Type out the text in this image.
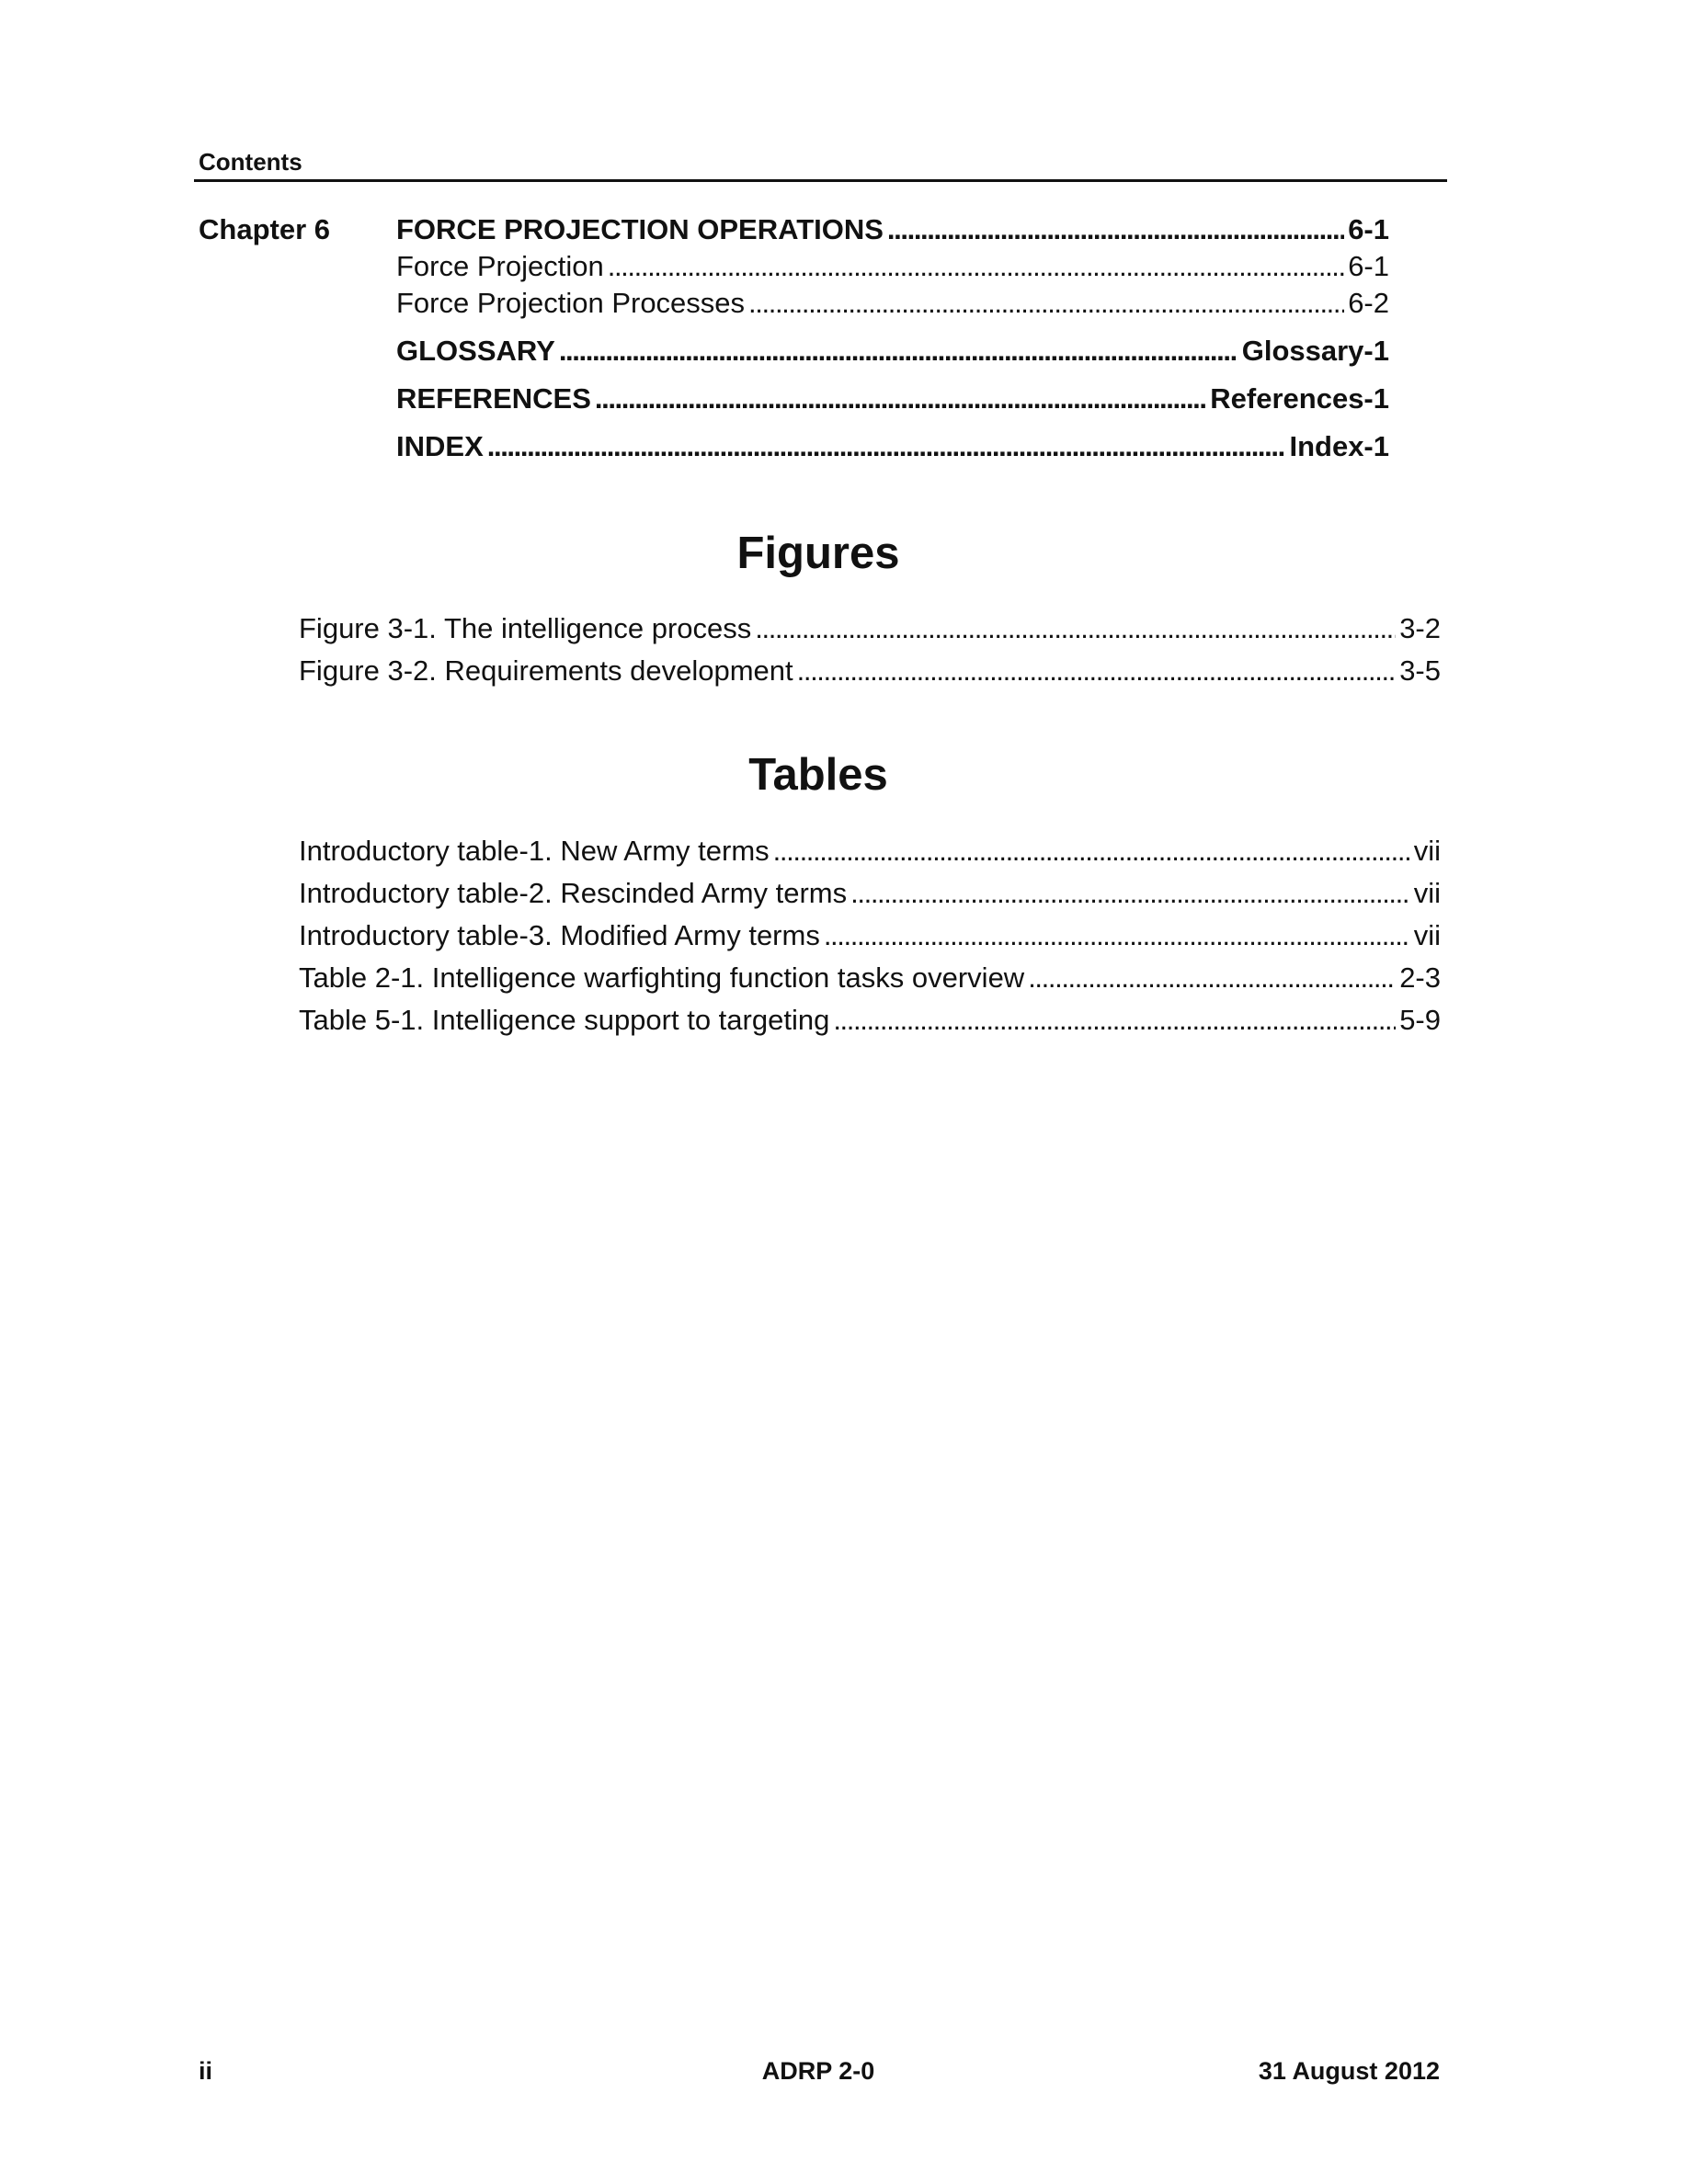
Contents
Chapter 6 FORCE PROJECTION OPERATIONS . . .	6-1
Force Projection . . .	6-1
Force Projection Processes . . .	6-2
GLOSSARY . . .	Glossary-1
REFERENCES . . .	References-1
INDEX . . .	Index-1
Figures
Figure 3-1. The intelligence process . . .	3-2
Figure 3-2. Requirements development . . .	3-5
Tables
Introductory table-1. New Army terms . . .	vii
Introductory table-2. Rescinded Army terms . . .	vii
Introductory table-3. Modified Army terms . . .	vii
Table 2-1. Intelligence warfighting function tasks overview . . .	2-3
Table 5-1. Intelligence support to targeting . . .	5-9
ii	ADRP 2-0	31 August 2012
